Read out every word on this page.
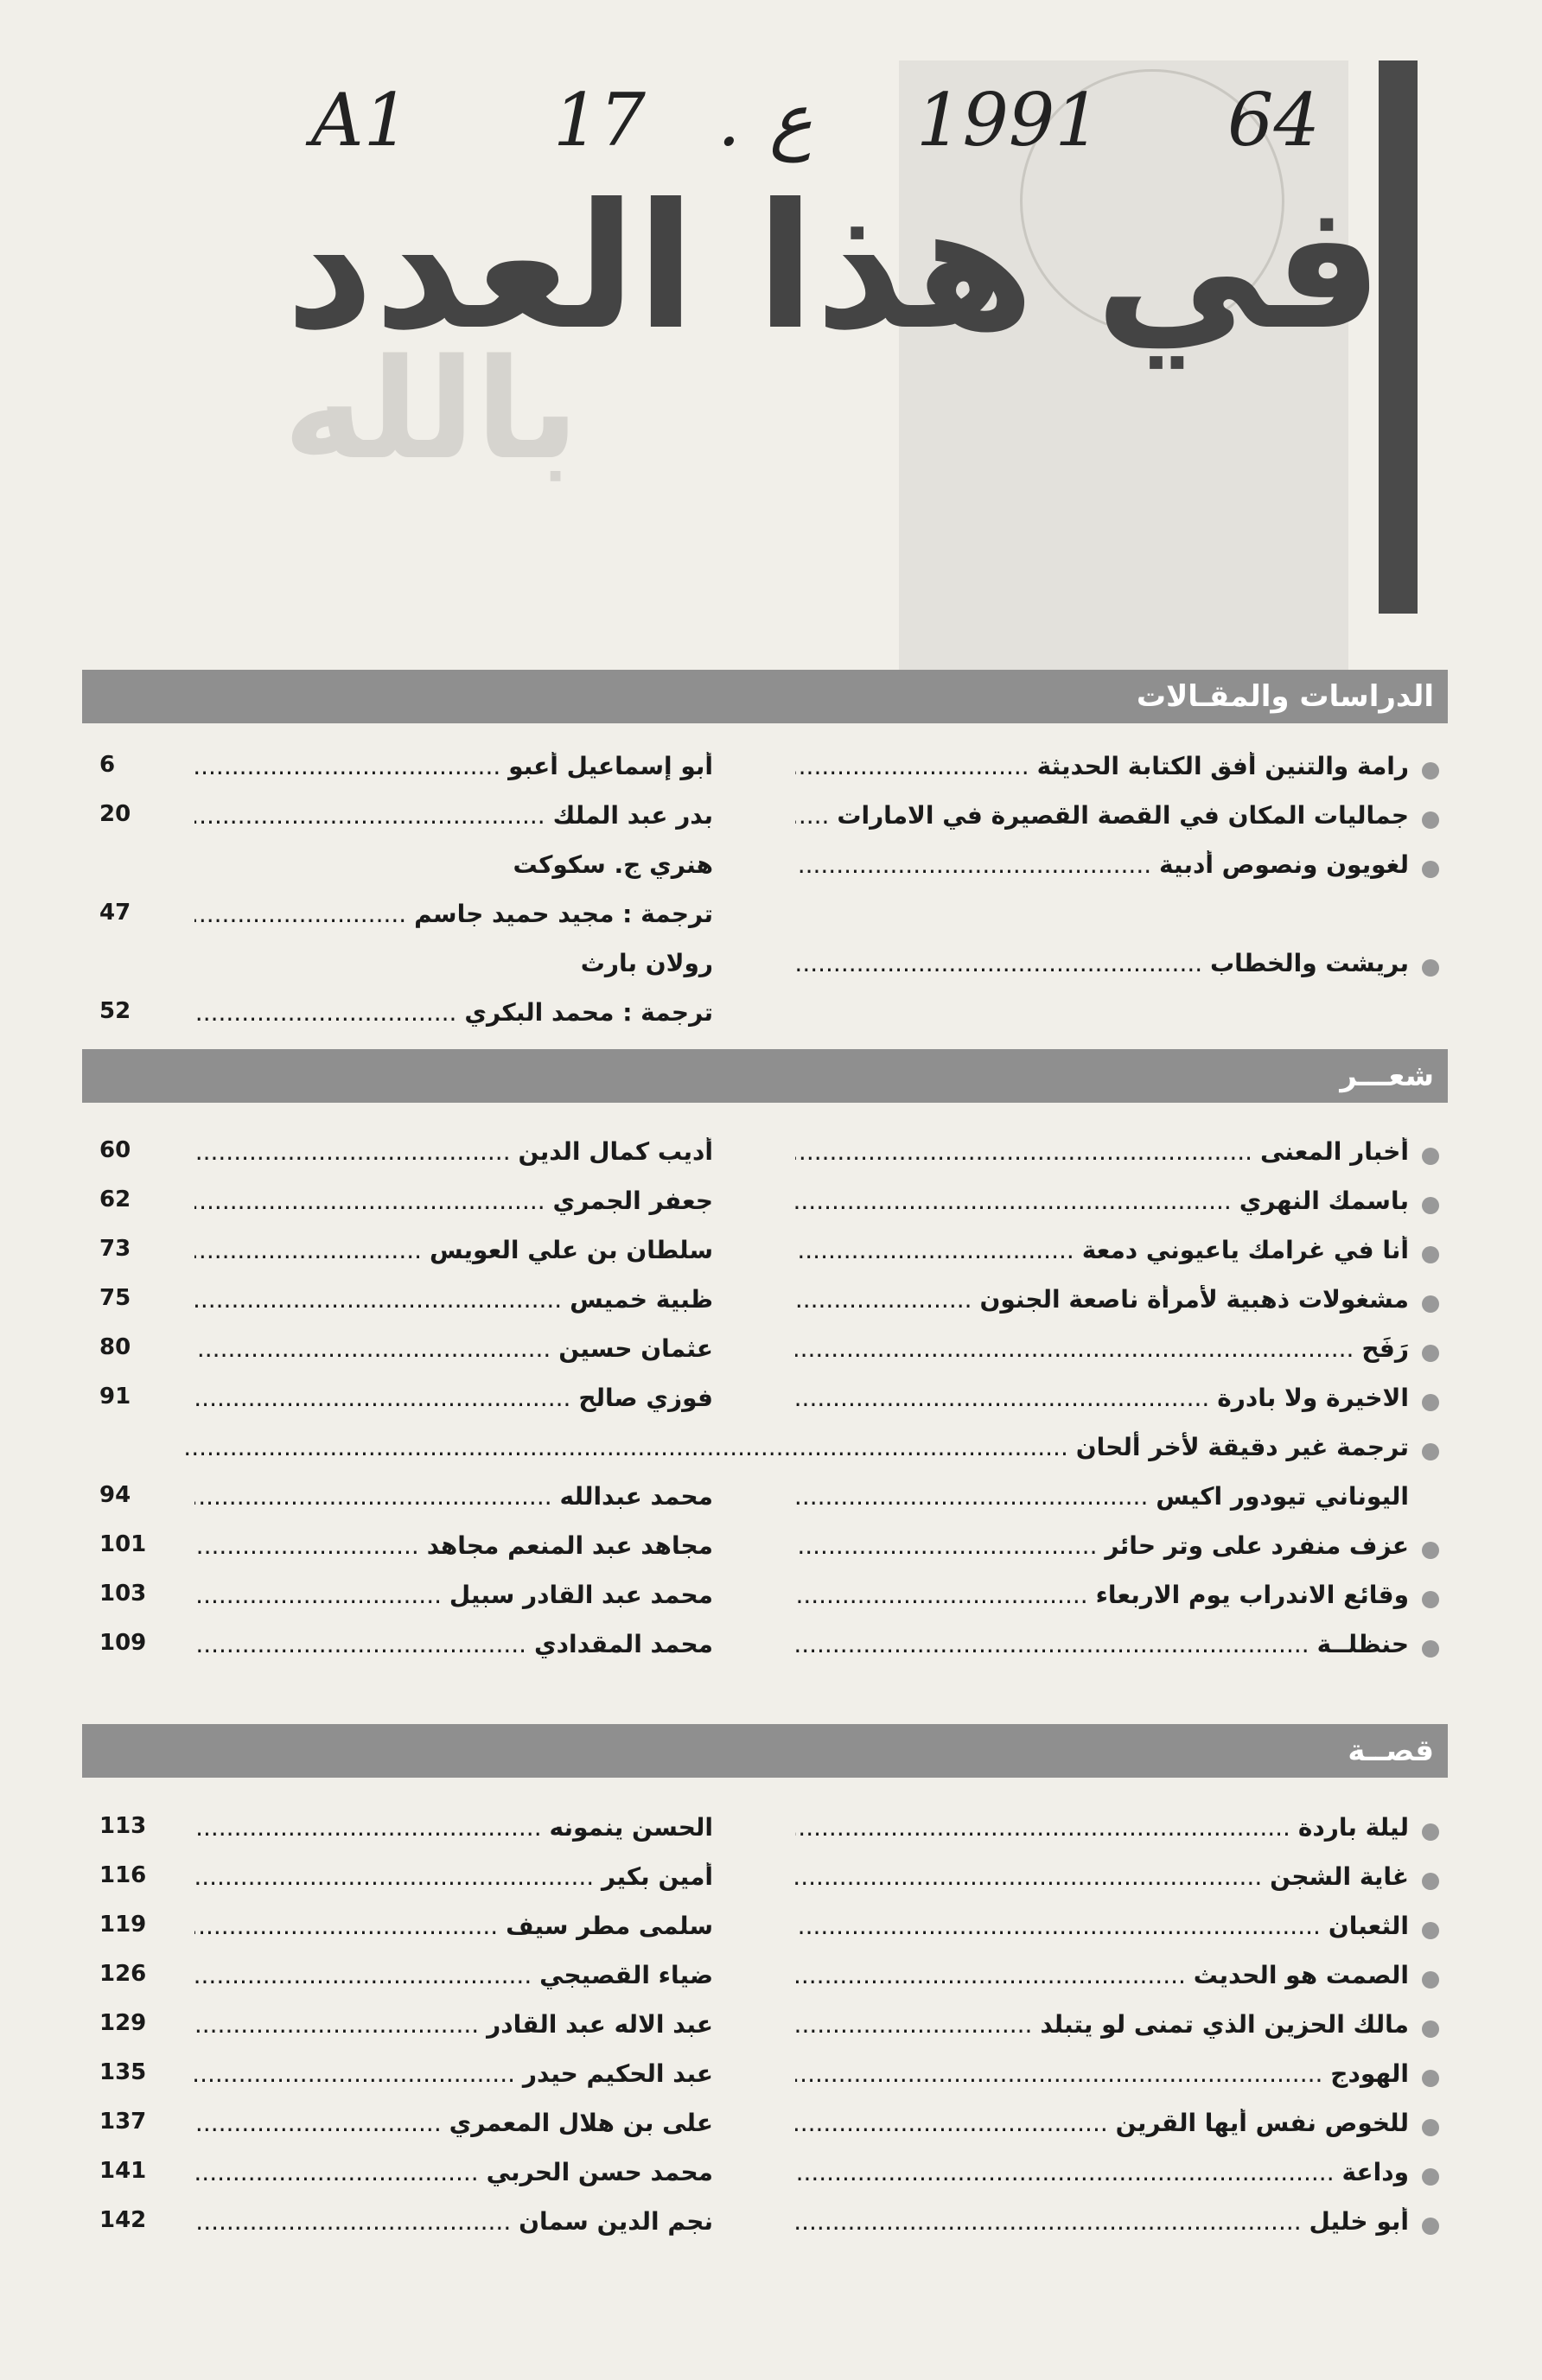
بالله
A1 17 . ع 1991 64
في هذا العدد
الدراسات والمقـالات
رامة والتنين أفق الكتابة الحديثة .....
أبو إسماعيل أعبو .....
6
جماليات المكان في القصة القصيرة في الامارات .....
بدر عبد الملك .....
20
لغويون ونصوص أدبية .....
هنري ج. سكوكت
ترجمة : مجيد حميد جاسم .....
47
بريشت والخطاب .....
رولان بارث
ترجمة : محمد البكري .....
52
شعـــر
أخبار المعنى .....
أديب كمال الدين .....
60
باسمك النهري .....
جعفر الجمري .....
62
أنا في غرامك ياعيوني دمعة .....
سلطان بن علي العويس .....
73
مشغولات ذهبية لأمرأة ناصعة الجنون .....
ظبية خميس .....
75
رَفَح .....
عثمان حسين .....
80
الاخيرة ولا بادرة .....
فوزي صالح .....
91
ترجمة غير دقيقة لأخر ألحان .....
اليوناني تيودور اكيس .....
محمد عبدالله .....
94
عزف منفرد على وتر حائر .....
مجاهد عبد المنعم مجاهد .....
101
وقائع الاندراب يوم الاربعاء .....
محمد عبد القادر سبيل .....
103
حنظلــة .....
محمد المقدادي .....
109
قصــة
ليلة باردة .....
الحسن ينمونه .....
113
غاية الشجن .....
أمين بكير .....
116
الثعبان .....
سلمى مطر سيف .....
119
الصمت هو الحديث .....
ضياء القصيجي .....
126
مالك الحزين الذي تمنى لو يتبلد .....
عبد الاله عبد القادر .....
129
الهودج .....
عبد الحكيم حيدر .....
135
للخوص نفس أيها القرين .....
على بن هلال المعمري .....
137
وداعة .....
محمد حسن الحربي .....
141
أبو خليل .....
نجم الدين سمان .....
142
